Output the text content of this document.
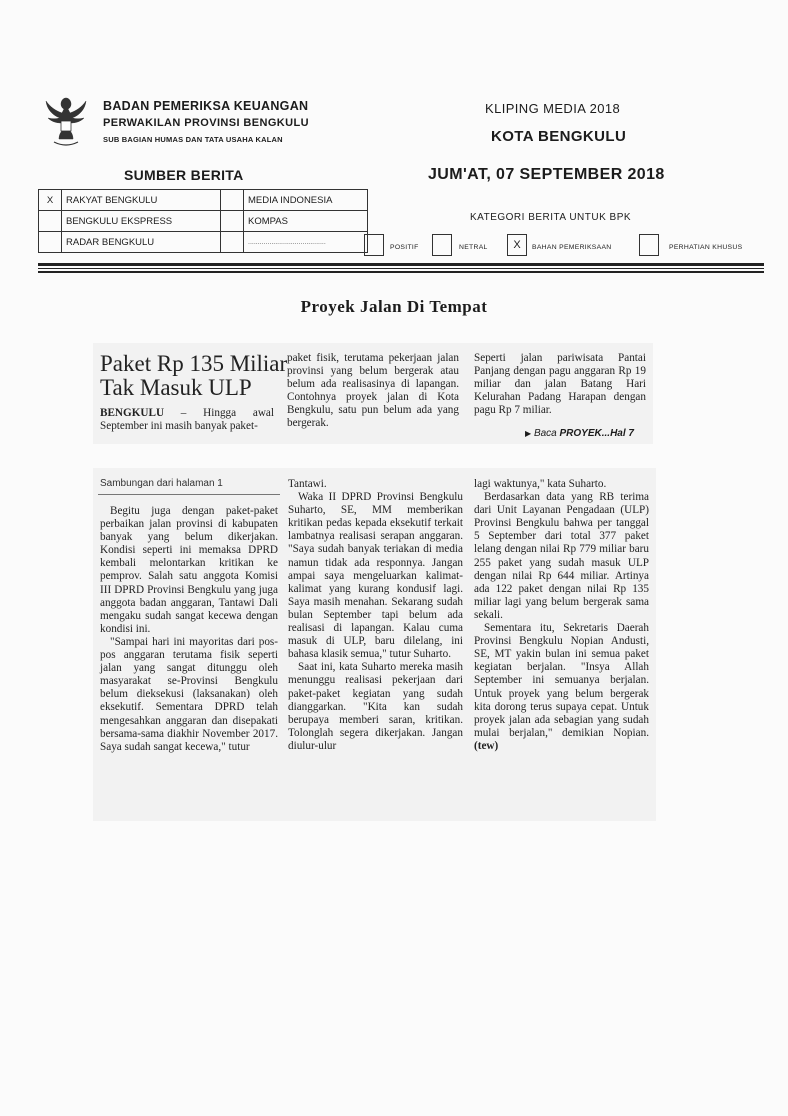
BADAN PEMERIKSA KEUANGAN
PERWAKILAN PROVINSI BENGKULU
SUB BAGIAN HUMAS DAN TATA USAHA KALAN
KLIPING MEDIA 2018
KOTA BENGKULU
SUMBER BERITA	JUM'AT, 07 SEPTEMBER 2018
X	RAKYAT BENGKULU		MEDIA INDONESIA
	BENGKULU EKSPRESS		KOMPAS
	RADAR BENGKULU		........................................
KATEGORI BERITA UNTUK BPK
POSITIF	NETRAL	X	BAHAN PEMERIKSAAN	PERHATIAN KHUSUS
Proyek Jalan Di Tempat
Paket Rp 135 Miliar
Tak Masuk ULP
BENGKULU – Hingga awal September ini masih banyak paket-
paket fisik, terutama pekerjaan jalan provinsi yang belum bergerak atau belum ada realisasinya di lapangan. Contohnya proyek jalan di Kota Bengkulu, satu pun belum ada yang bergerak.
Seperti jalan pariwisata Pantai Panjang dengan pagu anggaran Rp 19 miliar dan jalan Batang Hari Kelurahan Padang Harapan dengan pagu Rp 7 miliar.
▶ Baca PROYEK...Hal 7
Sambungan dari halaman 1

Begitu juga dengan paket-paket perbaikan jalan provinsi di kabupaten banyak yang belum dikerjakan. Kondisi seperti ini memaksa DPRD kembali melontarkan kritikan ke pemprov. Salah satu anggota Komisi III DPRD Provinsi Bengkulu yang juga anggota badan anggaran, Tantawi Dali mengaku sudah sangat kecewa dengan kondisi ini.

"Sampai hari ini mayoritas dari pos-pos anggaran terutama fisik seperti jalan yang sangat ditunggu oleh masyarakat se-Provinsi Bengkulu belum dieksekusi (laksanakan) oleh eksekutif. Sementara DPRD telah mengesahkan anggaran dan disepakati bersama-sama diakhir November 2017. Saya sudah sangat kecewa," tutur

Tantawi.

Waka II DPRD Provinsi Bengkulu Suharto, SE, MM memberikan kritikan pedas kepada eksekutif terkait lambatnya realisasi serapan anggaran. "Saya sudah banyak teriakan di media namun tidak ada responnya. Jangan ampai saya mengeluarkan kalimat-kalimat yang kurang kondusif lagi. Saya masih menahan. Sekarang sudah bulan September tapi belum ada realisasi di lapangan. Kalau cuma masuk di ULP, baru dilelang, ini bahasa klasik semua," tutur Suharto.

Saat ini, kata Suharto mereka masih menunggu realisasi pekerjaan dari paket-paket kegiatan yang sudah dianggarkan. "Kita kan sudah berupaya memberi saran, kritikan. Tolonglah segera dikerjakan. Jangan diulur-ulur

lagi waktunya," kata Suharto.

Berdasarkan data yang RB terima dari Unit Layanan Pengadaan (ULP) Provinsi Bengkulu bahwa per tanggal 5 September dari total 377 paket lelang dengan nilai Rp 779 miliar baru 255 paket yang sudah masuk ULP dengan nilai Rp 644 miliar. Artinya ada 122 paket dengan nilai Rp 135 miliar lagi yang belum bergerak sama sekali.

Sementara itu, Sekretaris Daerah Provinsi Bengkulu Nopian Andusti, SE, MT yakin bulan ini semua paket kegiatan berjalan. "Insya Allah September ini semuanya berjalan. Untuk proyek yang belum bergerak kita dorong terus supaya cepat. Untuk proyek jalan ada sebagian yang sudah mulai berjalan," demikian Nopian.(tew)
